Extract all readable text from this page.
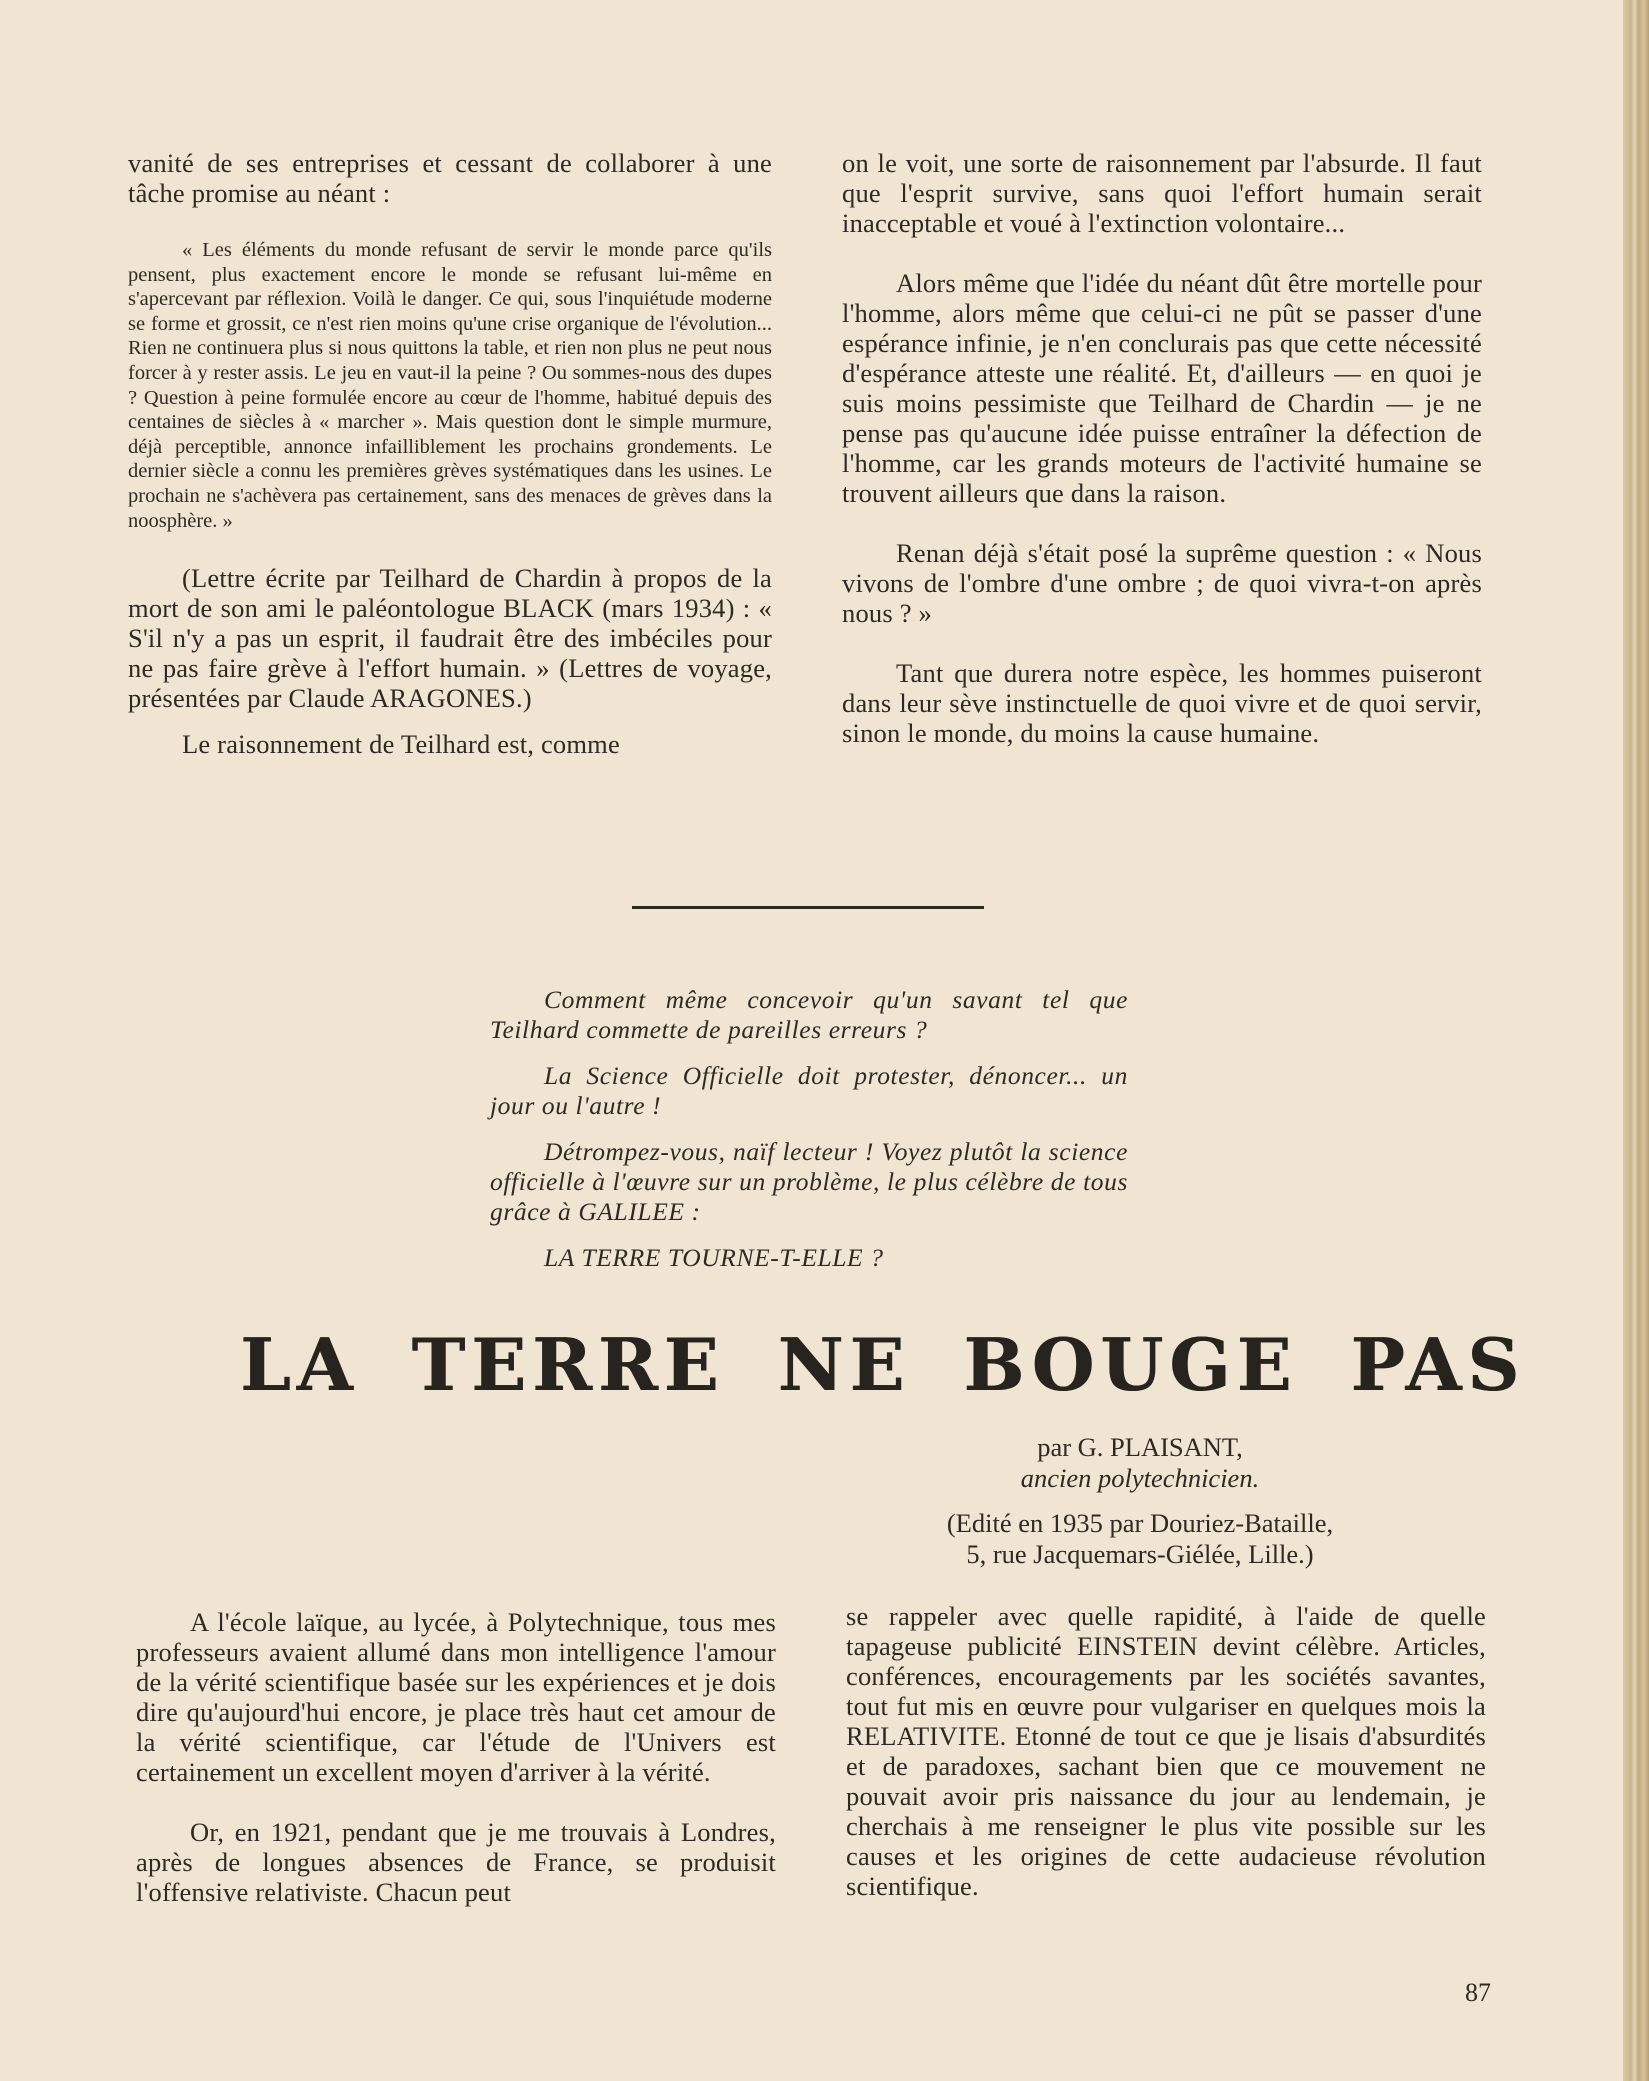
vanité de ses entreprises et cessant de collaborer à une tâche promise au néant :

« Les éléments du monde refusant de servir le monde parce qu'ils pensent, plus exactement encore le monde se refusant lui-même en s'apercevant par réflexion. Voilà le danger. Ce qui, sous l'inquiétude moderne se forme et grossit, ce n'est rien moins qu'une crise organique de l'évolution... Rien ne continuera plus si nous quittons la table, et rien non plus ne peut nous forcer à y rester assis. Le jeu en vaut-il la peine ? Ou sommes-nous des dupes ? Question à peine formulée encore au cœur de l'homme, habitué depuis des centaines de siècles à « marcher ». Mais question dont le simple murmure, déjà perceptible, annonce infailliblement les prochains grondements. Le dernier siècle a connu les premières grèves systématiques dans les usines. Le prochain ne s'achèvera pas certainement, sans des menaces de grèves dans la noosphère. »

(Lettre écrite par Teilhard de Chardin à propos de la mort de son ami le paléontologue BLACK (mars 1934) : « S'il n'y a pas un esprit, il faudrait être des imbéciles pour ne pas faire grève à l'effort humain. » (Lettres de voyage, présentées par Claude ARAGONES.)

Le raisonnement de Teilhard est, comme

on le voit, une sorte de raisonnement par l'absurde. Il faut que l'esprit survive, sans quoi l'effort humain serait inacceptable et voué à l'extinction volontaire...

Alors même que l'idée du néant dût être mortelle pour l'homme, alors même que celui-ci ne pût se passer d'une espérance infinie, je n'en conclurais pas que cette nécessité d'espérance atteste une réalité. Et, d'ailleurs — en quoi je suis moins pessimiste que Teilhard de Chardin — je ne pense pas qu'aucune idée puisse entraîner la défection de l'homme, car les grands moteurs de l'activité humaine se trouvent ailleurs que dans la raison.

Renan déjà s'était posé la suprême question : « Nous vivons de l'ombre d'une ombre ; de quoi vivra-t-on après nous ? »

Tant que durera notre espèce, les hommes puiseront dans leur sève instinctuelle de quoi vivre et de quoi servir, sinon le monde, du moins la cause humaine.

Comment même concevoir qu'un savant tel que Teilhard commette de pareilles erreurs ?

La Science Officielle doit protester, dénoncer... un jour ou l'autre !

Détrompez-vous, naïf lecteur ! Voyez plutôt la science officielle à l'œuvre sur un problème, le plus célèbre de tous grâce à GALILEE :

LA TERRE TOURNE-T-ELLE ?

LA TERRE NE BOUGE PAS
par G. PLAISANT,
ancien polytechnicien.
(Edité en 1935 par Douriez-Bataille,
5, rue Jacquemars-Giélée, Lille.)

A l'école laïque, au lycée, à Polytechnique, tous mes professeurs avaient allumé dans mon intelligence l'amour de la vérité scientifique basée sur les expériences et je dois dire qu'aujourd'hui encore, je place très haut cet amour de la vérité scientifique, car l'étude de l'Univers est certainement un excellent moyen d'arriver à la vérité.

Or, en 1921, pendant que je me trouvais à Londres, après de longues absences de France, se produisit l'offensive relativiste. Chacun peut

se rappeler avec quelle rapidité, à l'aide de quelle tapageuse publicité EINSTEIN devint célèbre. Articles, conférences, encouragements par les sociétés savantes, tout fut mis en œuvre pour vulgariser en quelques mois la RELATIVITE. Etonné de tout ce que je lisais d'absurdités et de paradoxes, sachant bien que ce mouvement ne pouvait avoir pris naissance du jour au lendemain, je cherchais à me renseigner le plus vite possible sur les causes et les origines de cette audacieuse révolution scientifique.

87
